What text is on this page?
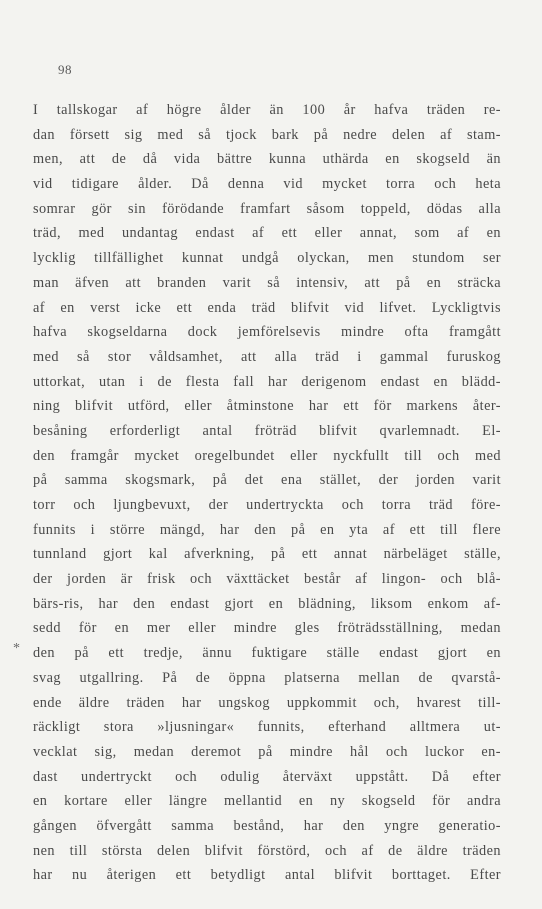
98
*
I tallskogar af högre ålder än 100 år hafva träden re-
dan försett sig med så tjock bark på nedre delen af stam-
men, att de då vida bättre kunna uthärda en skogseld än
vid tidigare ålder. Då denna vid mycket torra och heta
somrar gör sin förödande framfart såsom toppeld, dödas alla
träd, med undantag endast af ett eller annat, som af en
lycklig tillfällighet kunnat undgå olyckan, men stundom ser
man äfven att branden varit så intensiv, att på en sträcka
af en verst icke ett enda träd blifvit vid lifvet. Lyckligtvis
hafva skogseldarna dock jemförelsevis mindre ofta framgått
med så stor våldsamhet, att alla träd i gammal furuskog
uttorkat, utan i de flesta fall har derigenom endast en blädd-
ning blifvit utförd, eller åtminstone har ett för markens åter-
besåning erforderligt antal fröträd blifvit qvarlemnadt. El-
den framgår mycket oregelbundet eller nyckfullt till och med
på samma skogsmark, på det ena stället, der jorden varit
torr och ljungbevuxt, der undertryckta och torra träd före-
funnits i större mängd, har den på en yta af ett till flere
tunnland gjort kal afverkning, på ett annat närbeläget ställe,
der jorden är frisk och växttäcket består af lingon- och blå-
bärs-ris, har den endast gjort en blädning, liksom enkom af-
sedd för en mer eller mindre gles fröträdsställning, medan
den på ett tredje, ännu fuktigare ställe endast gjort en
svag utgallring. På de öppna platserna mellan de qvarstå-
ende äldre träden har ungskog uppkommit och, hvarest till-
räckligt stora »ljusningar« funnits, efterhand alltmera ut-
vecklat sig, medan deremot på mindre hål och luckor en-
dast undertryckt och odulig återväxt uppstått. Då efter
en kortare eller längre mellantid en ny skogseld för andra
gången öfvergått samma bestånd, har den yngre generatio-
nen till största delen blifvit förstörd, och af de äldre träden
har nu återigen ett betydligt antal blifvit borttaget. Efter
